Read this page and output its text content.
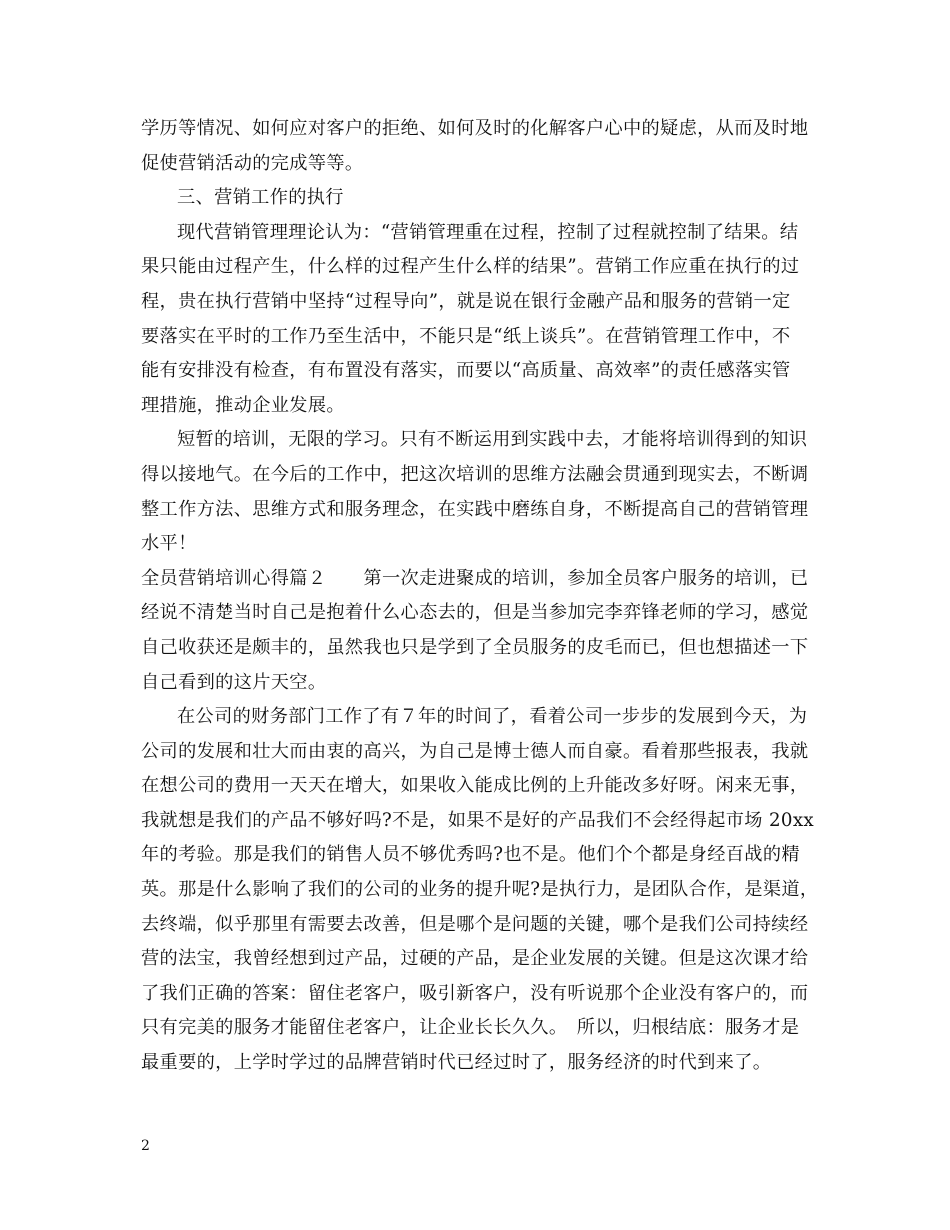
学历等情况、如何应对客户的拒绝、如何及时的化解客户心中的疑虑，从而及时地
促使营销活动的完成等等。
三、营销工作的执行
现代营销管理理论认为：“营销管理重在过程，控制了过程就控制了结果。结
果只能由过程产生，什么样的过程产生什么样的结果”。营销工作应重在执行的过
程，贵在执行营销中坚持“过程导向”，就是说在银行金融产品和服务的营销一定
要落实在平时的工作乃至生活中，不能只是“纸上谈兵”。在营销管理工作中，不
能有安排没有检查，有布置没有落实，而要以“高质量、高效率”的责任感落实管
理措施，推动企业发展。
短暂的培训，无限的学习。只有不断运用到实践中去，才能将培训得到的知识
得以接地气。在今后的工作中，把这次培训的思维方法融会贯通到现实去，不断调
整工作方法、思维方式和服务理念，在实践中磨练自身，不断提高自己的营销管理
水平！
全员营销培训心得篇２　　第一次走进聚成的培训，参加全员客户服务的培训，已
经说不清楚当时自己是抱着什么心态去的，但是当参加完李弈锋老师的学习，感觉
自己收获还是颇丰的，虽然我也只是学到了全员服务的皮毛而已，但也想描述一下
自己看到的这片天空。
在公司的财务部门工作了有７年的时间了，看着公司一步步的发展到今天，为
公司的发展和壮大而由衷的高兴，为自己是博士德人而自豪。看着那些报表，我就
在想公司的费用一天天在增大，如果收入能成比例的上升能改多好呀。闲来无事，
我就想是我们的产品不够好吗?不是，如果不是好的产品我们不会经得起市场 20xx
年的考验。那是我们的销售人员不够优秀吗?也不是。他们个个都是身经百战的精
英。那是什么影响了我们的公司的业务的提升呢?是执行力，是团队合作，是渠道，
去终端，似乎那里有需要去改善，但是哪个是问题的关键，哪个是我们公司持续经
营的法宝，我曾经想到过产品，过硬的产品，是企业发展的关键。但是这次课才给
了我们正确的答案：留住老客户，吸引新客户，没有听说那个企业没有客户的，而
只有完美的服务才能留住老客户，让企业长长久久。　所以，归根结底：服务才是
最重要的，上学时学过的品牌营销时代已经过时了，服务经济的时代到来了。
2
